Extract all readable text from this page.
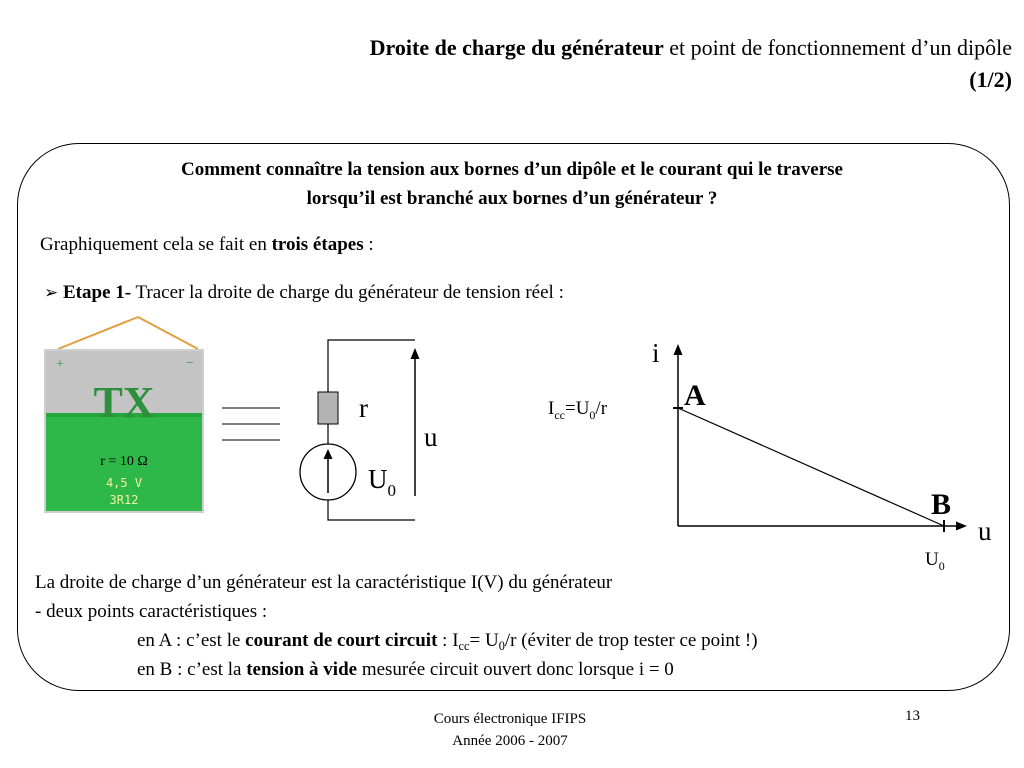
Droite de charge du générateur et point de fonctionnement d’un dipôle
(1/2)
Comment connaître la tension aux bornes d’un dipôle et le courant qui le traverse
lorsqu’il est branché aux bornes d’un générateur ?
Graphiquement cela se fait en trois étapes :
➢ Etape 1- Tracer la droite de charge du générateur de tension réel :
+	−
TX
r = 10 Ω
4,5 V
3R12
r
u
$U_0$
$I_{cc}=U_0/r$
i
u
A
B
$U_0$
La droite de charge d’un générateur est la caractéristique I(V) du générateur
- deux points caractéristiques :
en A : c’est le courant de court circuit : $I_{cc}= U_0/r$ (éviter de trop tester ce point !)
en B : c’est la tension à vide mesurée circuit ouvert donc lorsque i = 0
Cours électronique IFIPS
Année 2006 - 2007
13
